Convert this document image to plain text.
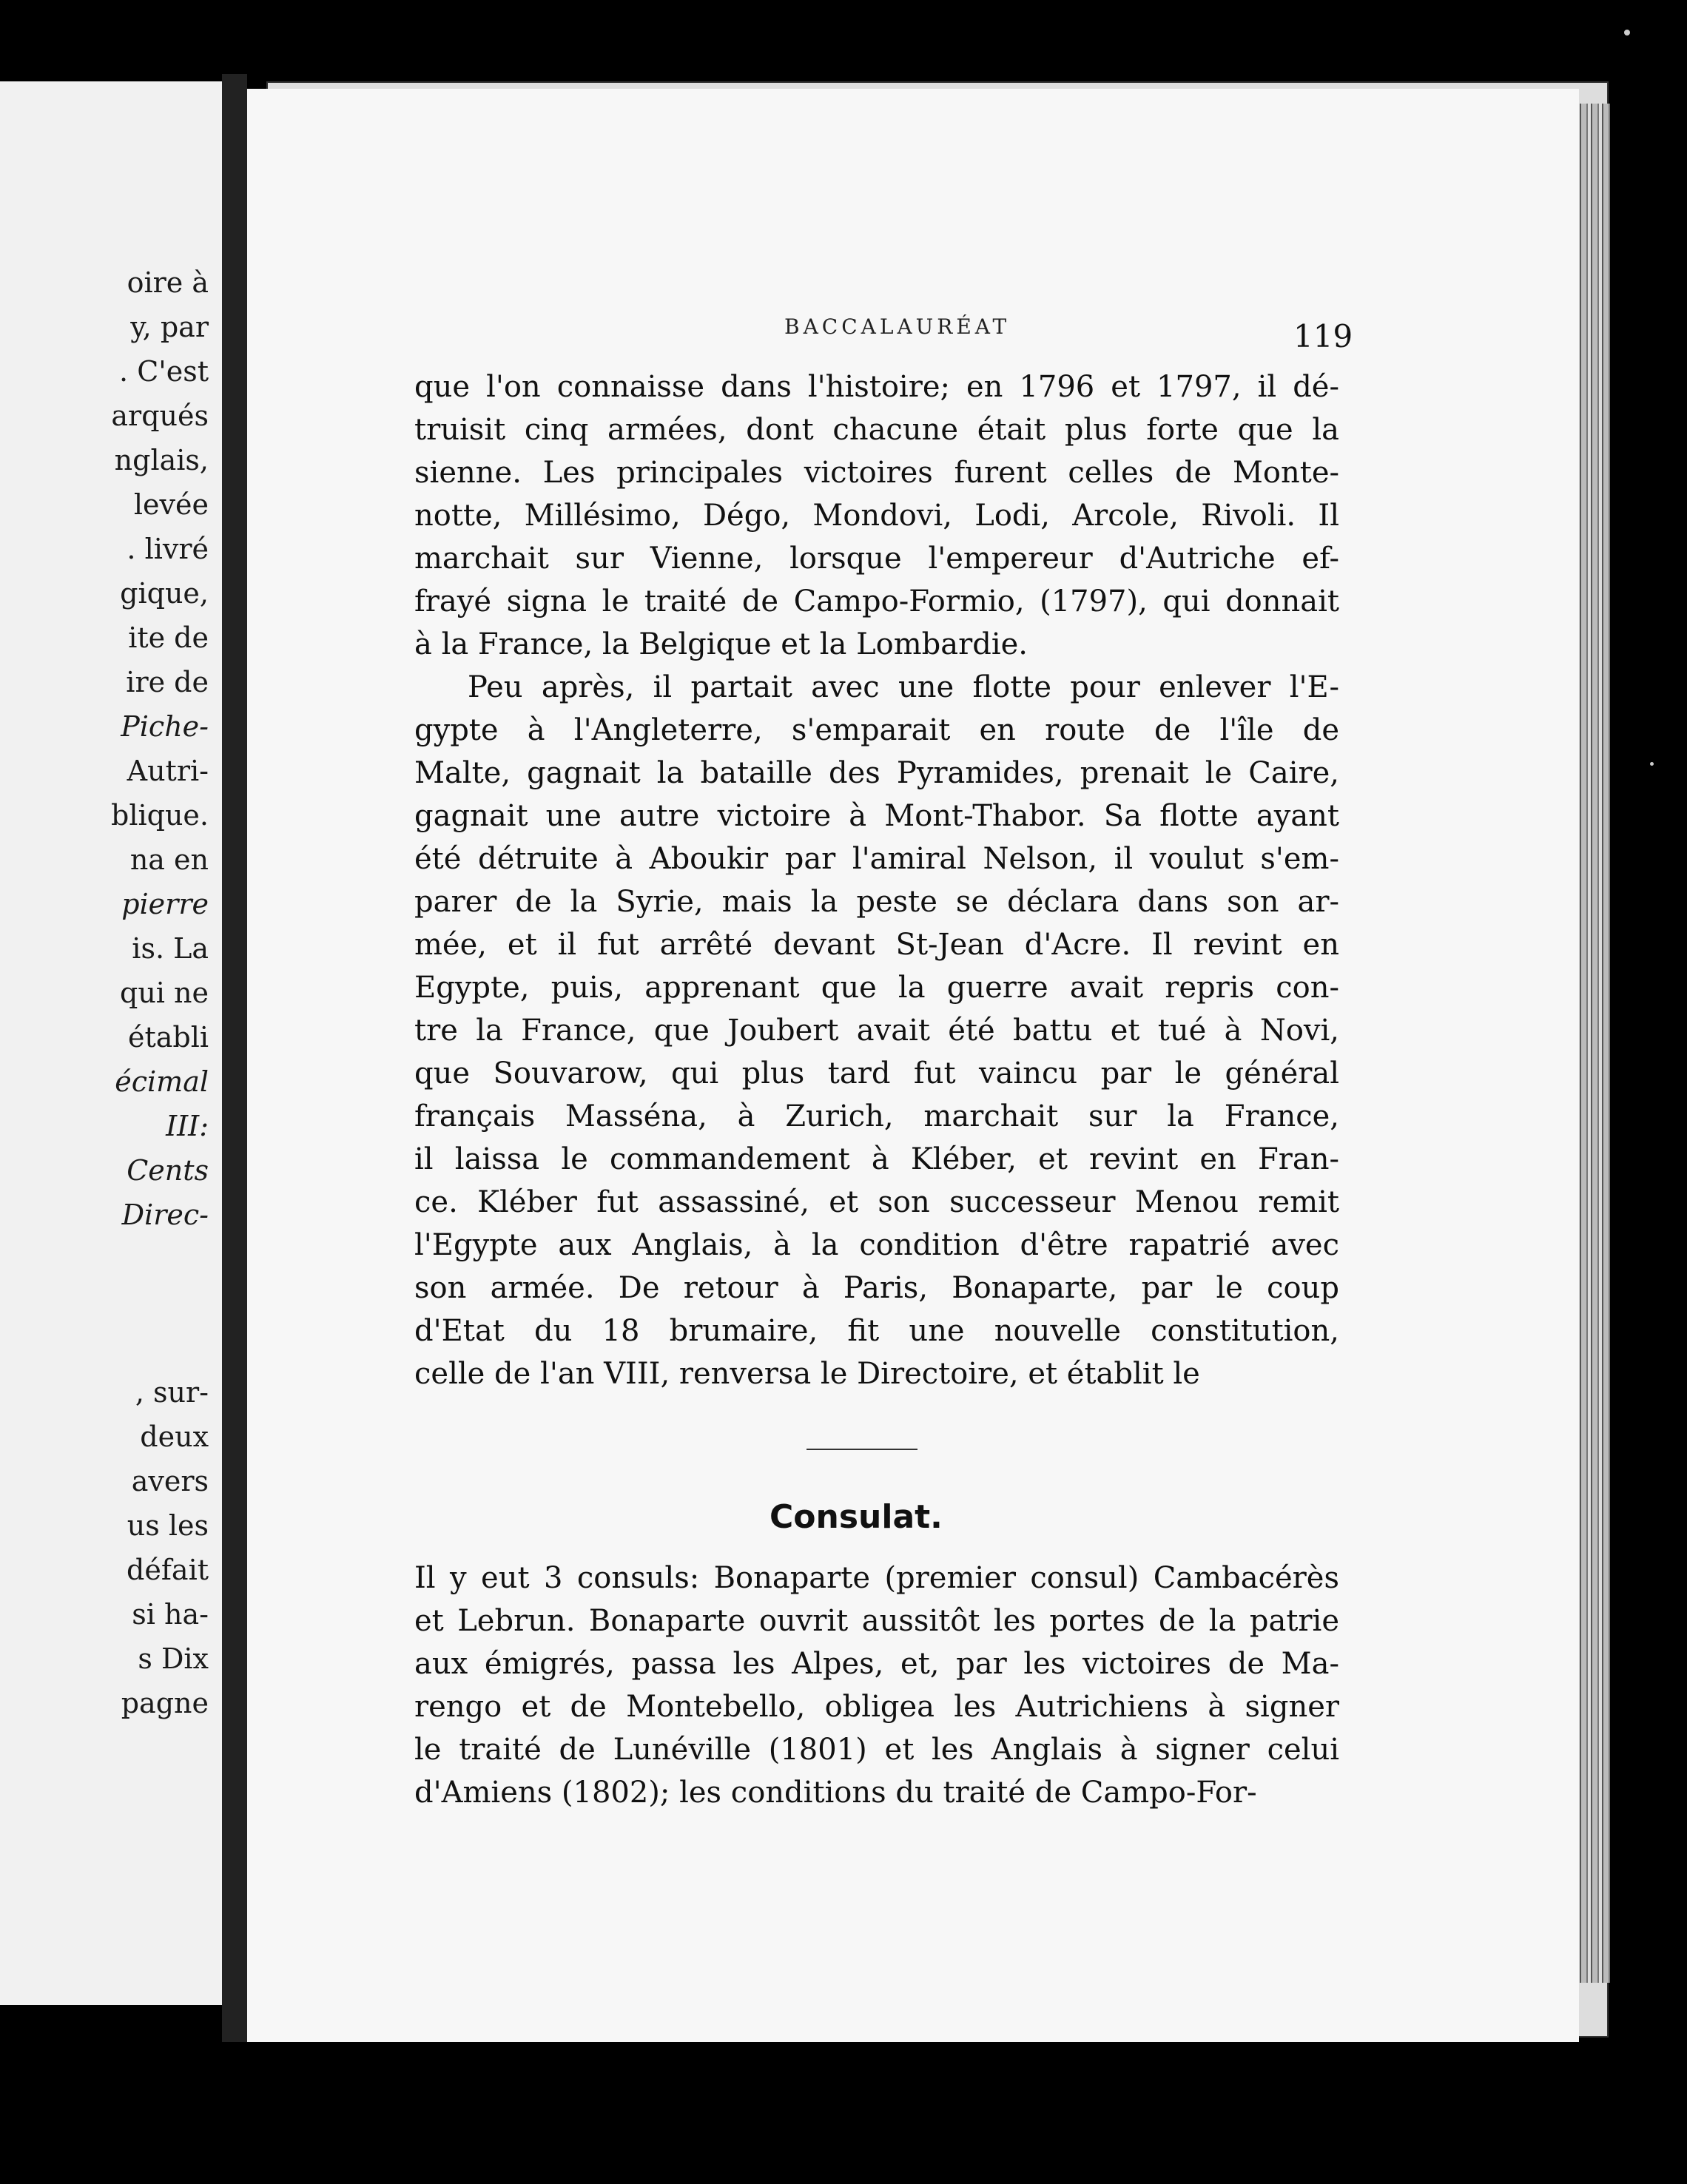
oire à
y, par
. C'est
arqués
nglais,
levée
. livré
gique,
ite de
ire de
Piche-
Autri-
blique.
na en
pierre
is. La
qui ne
établi
écimal
III:
Cents
Direc-
, sur-
deux
avers
us les
défait
si ha-
s Dix
pagne
BACCALAURÉAT	119
que l'on connaisse dans l'histoire; en 1796 et 1797, il dé-
truisit cinq armées, dont chacune était plus forte que la
sienne. Les principales victoires furent celles de Monte-
notte, Millésimo, Dégo, Mondovi, Lodi, Arcole, Rivoli. Il
marchait sur Vienne, lorsque l'empereur d'Autriche ef-
frayé signa le traité de Campo-Formio, (1797), qui donnait
à la France, la Belgique et la Lombardie.
Peu après, il partait avec une flotte pour enlever l'E-
gypte à l'Angleterre, s'emparait en route de l'île de
Malte, gagnait la bataille des Pyramides, prenait le Caire,
gagnait une autre victoire à Mont-Thabor. Sa flotte ayant
été détruite à Aboukir par l'amiral Nelson, il voulut s'em-
parer de la Syrie, mais la peste se déclara dans son ar-
mée, et il fut arrêté devant St-Jean d'Acre. Il revint en
Egypte, puis, apprenant que la guerre avait repris con-
tre la France, que Joubert avait été battu et tué à Novi,
que Souvarow, qui plus tard fut vaincu par le général
français Masséna, à Zurich, marchait sur la France,
il laissa le commandement à Kléber, et revint en Fran-
ce. Kléber fut assassiné, et son successeur Menou remit
l'Egypte aux Anglais, à la condition d'être rapatrié avec
son armée. De retour à Paris, Bonaparte, par le coup
d'Etat du 18 brumaire, fit une nouvelle constitution,
celle de l'an VIII, renversa le Directoire, et établit le
Consulat.
Il y eut 3 consuls: Bonaparte (premier consul) Cambacérès
et Lebrun. Bonaparte ouvrit aussitôt les portes de la patrie
aux émigrés, passa les Alpes, et, par les victoires de Ma-
rengo et de Montebello, obligea les Autrichiens à signer
le traité de Lunéville (1801) et les Anglais à signer celui
d'Amiens (1802); les conditions du traité de Campo-For-
